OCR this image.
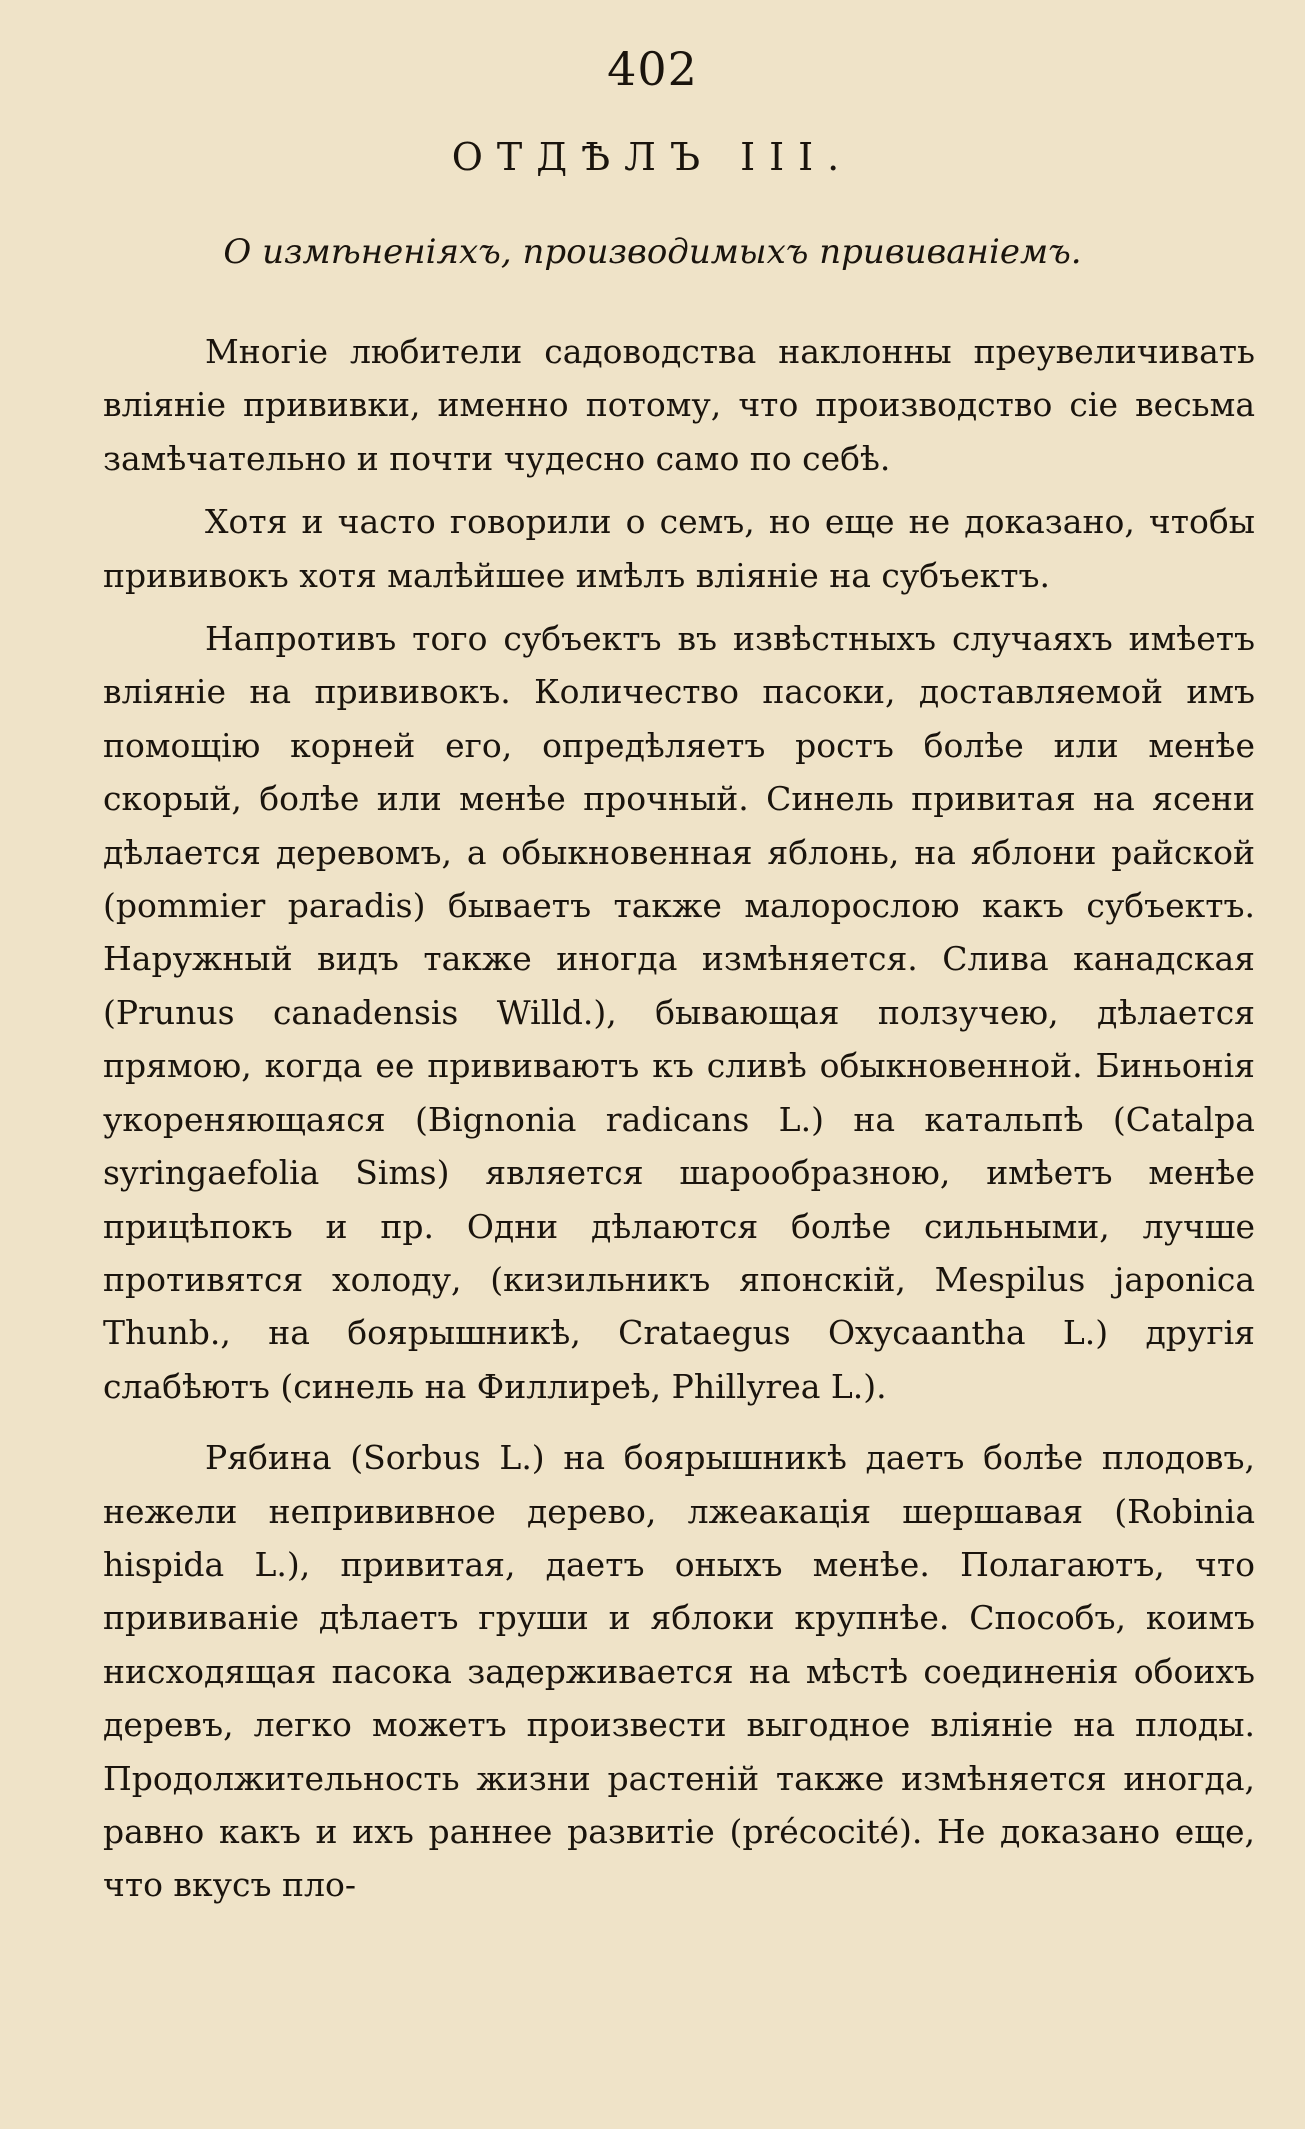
402
ОТДѢЛЪ III.
О измѣненіяхъ, производимыхъ прививаніемъ.

Многіе любители садоводства наклонны преувеличивать вліяніе прививки, именно потому, что производство сіе весьма замѣчательно и почти чудесно само по себѣ.

Хотя и часто говорили о семъ, но еще не доказано, чтобы прививокъ хотя малѣйшее имѣлъ вліяніе на субъектъ.

Напротивъ того субъектъ въ извѣстныхъ случаяхъ имѣетъ вліяніе на прививокъ. Количество пасоки, доставляемой имъ помощію корней его, опредѣляетъ ростъ болѣе или менѣе скорый, болѣе или менѣе прочный. Синель привитая на ясени дѣлается деревомъ, а обыкновенная яблонь, на яблони райской (pommier paradis) бываетъ также малорослою какъ субъектъ. Наружный видъ также иногда измѣняется. Слива канадская (Prunus canadensis Willd.), бывающая ползучею, дѣлается прямою, когда ее прививаютъ къ сливѣ обыкновенной. Биньонія укореняющаяся (Bignonia radicans L.) на катальпѣ (Catalpa syringaefolia Sims) является шарообразною, имѣетъ менѣе прицѣпокъ и пр. Одни дѣлаются болѣе сильными, лучше противятся холоду, (кизильникъ японскій, Mespilus japonica Thunb., на боярышникѣ, Crataegus Oxycaantha L.) другія слабѣютъ (синель на Филлиреѣ, Phillyrea L.).

Рябина (Sorbus L.) на боярышникѣ даетъ болѣе плодовъ, нежели непрививное дерево, лжеакація шершавая (Robinia hispida L.), привитая, даетъ оныхъ менѣе. Полагаютъ, что прививаніе дѣлаетъ груши и яблоки крупнѣе. Способъ, коимъ нисходящая пасока задерживается на мѣстѣ соединенія обоихъ деревъ, легко можетъ произвести выгодное вліяніе на плоды. Продолжительность жизни растеній также измѣняется иногда, равно какъ и ихъ раннее развитіе (précocité). Не доказано еще, что вкусъ пло-
